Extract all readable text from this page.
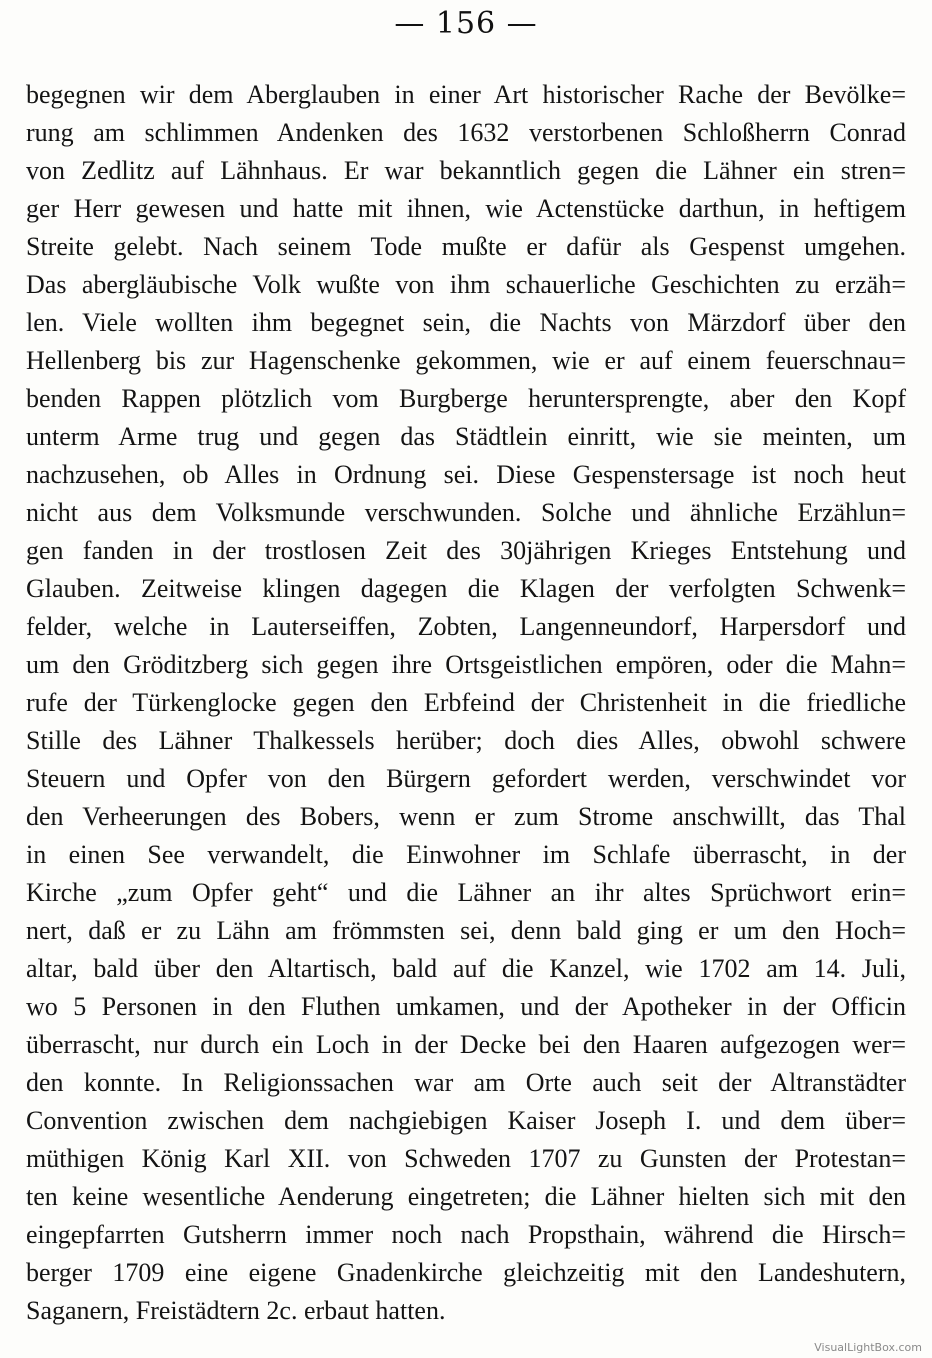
— 156 —
begegnen wir dem Aberglauben in einer Art historischer Rache der Bevölke=
rung am schlimmen Andenken des 1632 verstorbenen Schloßherrn Conrad
von Zedlitz auf Lähnhaus. Er war bekanntlich gegen die Lähner ein stren=
ger Herr gewesen und hatte mit ihnen, wie Actenstücke darthun, in heftigem
Streite gelebt. Nach seinem Tode mußte er dafür als Gespenst umgehen.
Das abergläubische Volk wußte von ihm schauerliche Geschichten zu erzäh=
len. Viele wollten ihm begegnet sein, die Nachts von Märzdorf über den
Hellenberg bis zur Hagenschenke gekommen, wie er auf einem feuerschnau=
benden Rappen plötzlich vom Burgberge heruntersprengte, aber den Kopf
unterm Arme trug und gegen das Städtlein einritt, wie sie meinten, um
nachzusehen, ob Alles in Ordnung sei. Diese Gespenstersage ist noch heut
nicht aus dem Volksmunde verschwunden. Solche und ähnliche Erzählun=
gen fanden in der trostlosen Zeit des 30jährigen Krieges Entstehung und
Glauben. Zeitweise klingen dagegen die Klagen der verfolgten Schwenk=
felder, welche in Lauterseiffen, Zobten, Langenneundorf, Harpersdorf und
um den Gröditzberg sich gegen ihre Ortsgeistlichen empören, oder die Mahn=
rufe der Türkenglocke gegen den Erbfeind der Christenheit in die friedliche
Stille des Lähner Thalkessels herüber; doch dies Alles, obwohl schwere
Steuern und Opfer von den Bürgern gefordert werden, verschwindet vor
den Verheerungen des Bobers, wenn er zum Strome anschwillt, das Thal
in einen See verwandelt, die Einwohner im Schlafe überrascht, in der
Kirche „zum Opfer geht“ und die Lähner an ihr altes Sprüchwort erin=
nert, daß er zu Lähn am frömmsten sei, denn bald ging er um den Hoch=
altar, bald über den Altartisch, bald auf die Kanzel, wie 1702 am 14. Juli,
wo 5 Personen in den Fluthen umkamen, und der Apotheker in der Officin
überrascht, nur durch ein Loch in der Decke bei den Haaren aufgezogen wer=
den konnte. In Religionssachen war am Orte auch seit der Altranstädter
Convention zwischen dem nachgiebigen Kaiser Joseph I. und dem über=
müthigen König Karl XII. von Schweden 1707 zu Gunsten der Protestan=
ten keine wesentliche Aenderung eingetreten; die Lähner hielten sich mit den
eingepfarrten Gutsherrn immer noch nach Propsthain, während die Hirsch=
berger 1709 eine eigene Gnadenkirche gleichzeitig mit den Landeshutern,
Saganern, Freistädtern 2c. erbaut hatten.
VisualLightBox.com
